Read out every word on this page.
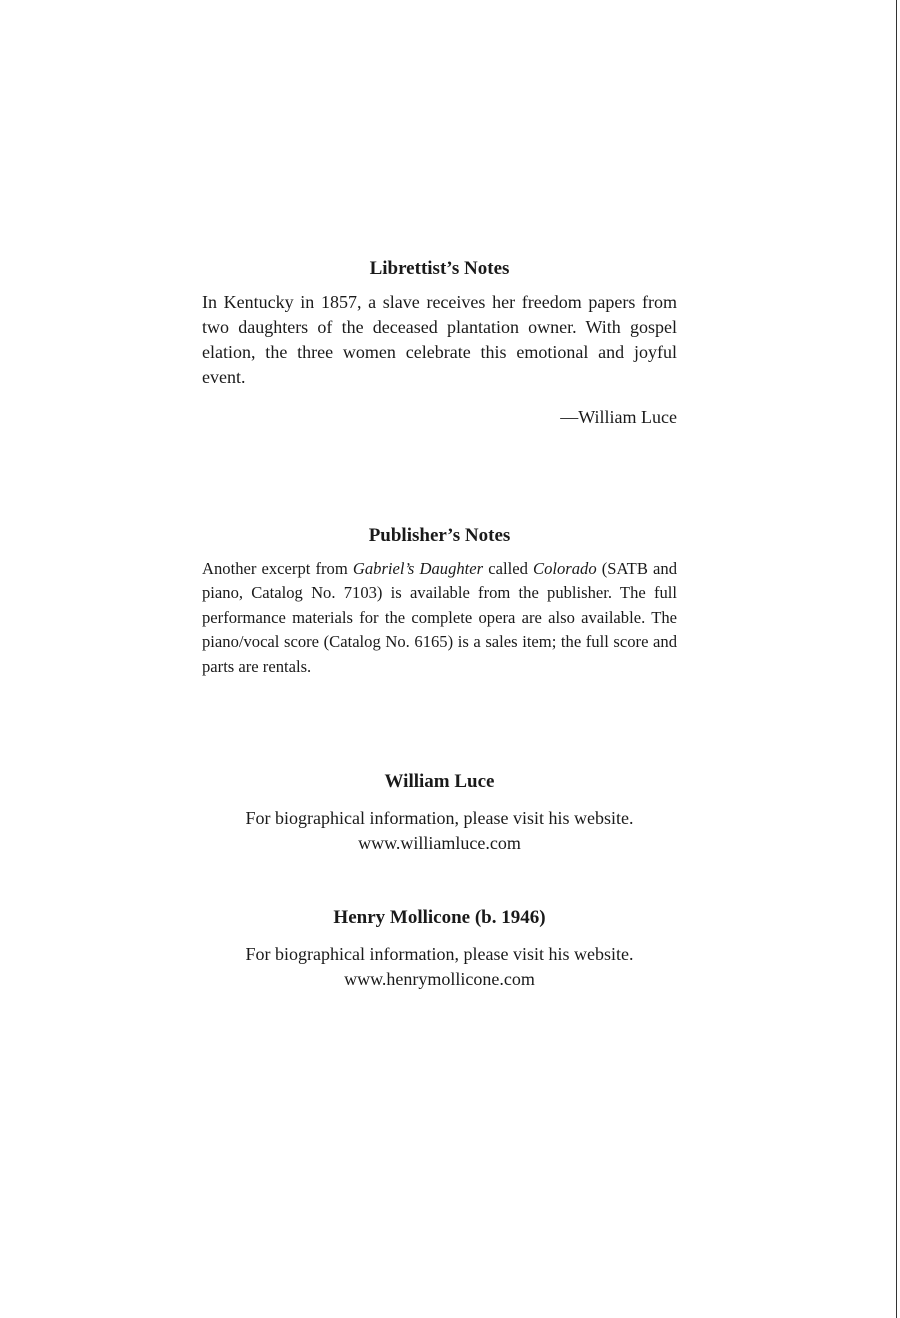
Librettist’s Notes

In Kentucky in 1857, a slave receives her freedom papers from two daughters of the deceased plantation owner. With gospel elation, the three women celebrate this emotional and joyful event.

—William Luce

Publisher’s Notes

Another excerpt from Gabriel’s Daughter called Colorado (SATB and piano, Catalog No. 7103) is available from the publisher. The full performance materials for the complete opera are also available. The piano/vocal score (Catalog No. 6165) is a sales item; the full score and parts are rentals.

William Luce

For biographical information, please visit his website.

www.williamluce.com

Henry Mollicone (b. 1946)

For biographical information, please visit his website.

www.henrymollicone.com
